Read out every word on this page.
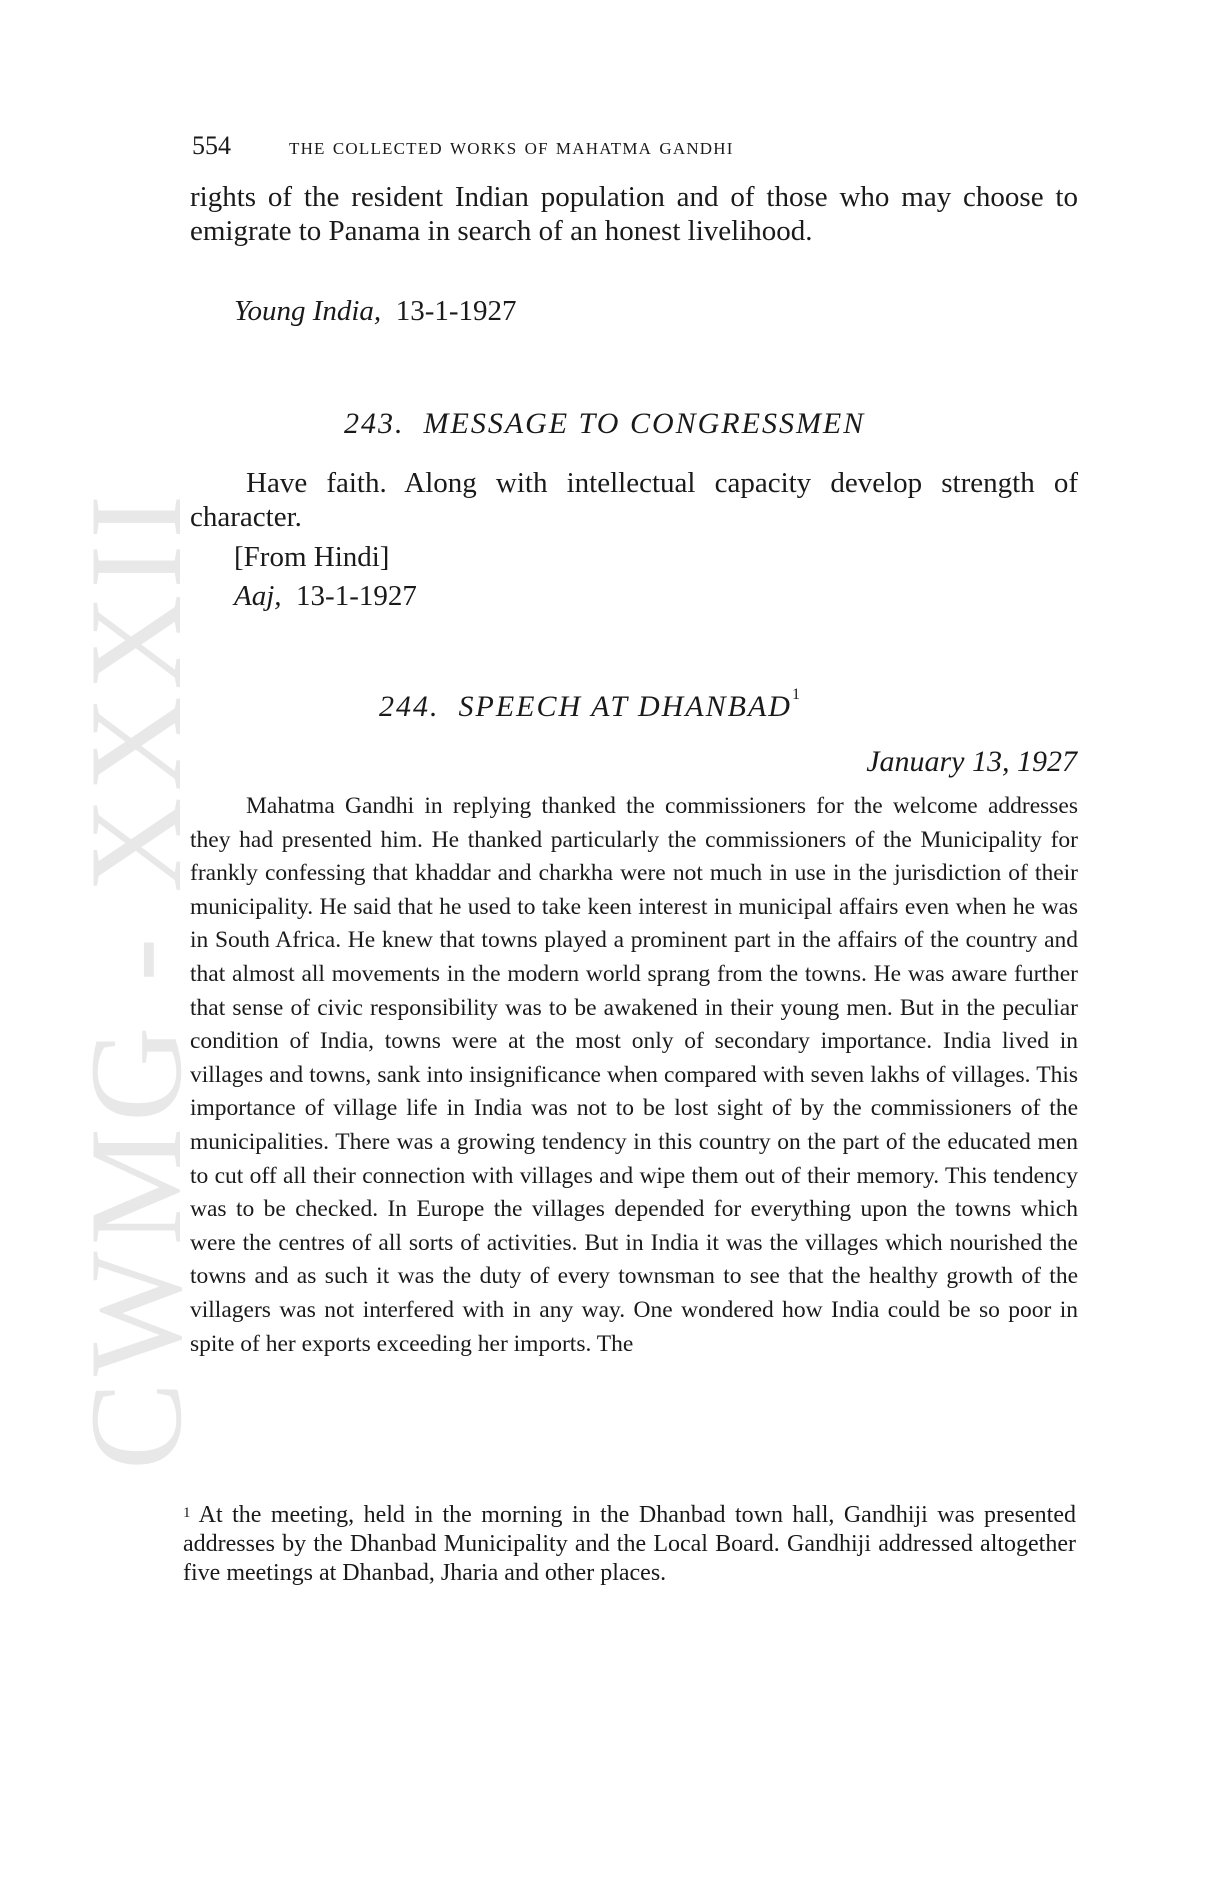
CWMG - XXXII
554 the collected works of mahatma gandhi

rights of the resident Indian population and of those who may choose to emigrate to Panama in search of an honest livelihood.

Young India, 13-1-1927
243. MESSAGE TO CONGRESSMEN

Have faith. Along with intellectual capacity develop strength of character.

[From Hindi]
Aaj, 13-1-1927
244. SPEECH AT DHANBAD$^1$
January 13, 1927

Mahatma Gandhi in replying thanked the commissioners for the welcome addresses they had presented him. He thanked particularly the commissioners of the Municipality for frankly confessing that khaddar and charkha were not much in use in the jurisdiction of their municipality. He said that he used to take keen interest in municipal affairs even when he was in South Africa. He knew that towns played a prominent part in the affairs of the country and that almost all movements in the modern world sprang from the towns. He was aware further that sense of civic responsibility was to be awakened in their young men. But in the peculiar condition of India, towns were at the most only of secondary importance. India lived in villages and towns, sank into insignificance when compared with seven lakhs of villages. This importance of village life in India was not to be lost sight of by the commissioners of the municipalities. There was a growing tendency in this country on the part of the educated men to cut off all their connection with villages and wipe them out of their memory. This tendency was to be checked. In Europe the villages depended for everything upon the towns which were the centres of all sorts of activities. But in India it was the villages which nourished the towns and as such it was the duty of every townsman to see that the healthy growth of the villagers was not interfered with in any way. One wondered how India could be so poor in spite of her exports exceeding her imports. The

$^1$ At the meeting, held in the morning in the Dhanbad town hall, Gandhiji was presented addresses by the Dhanbad Municipality and the Local Board. Gandhiji addressed altogether five meetings at Dhanbad, Jharia and other places.
